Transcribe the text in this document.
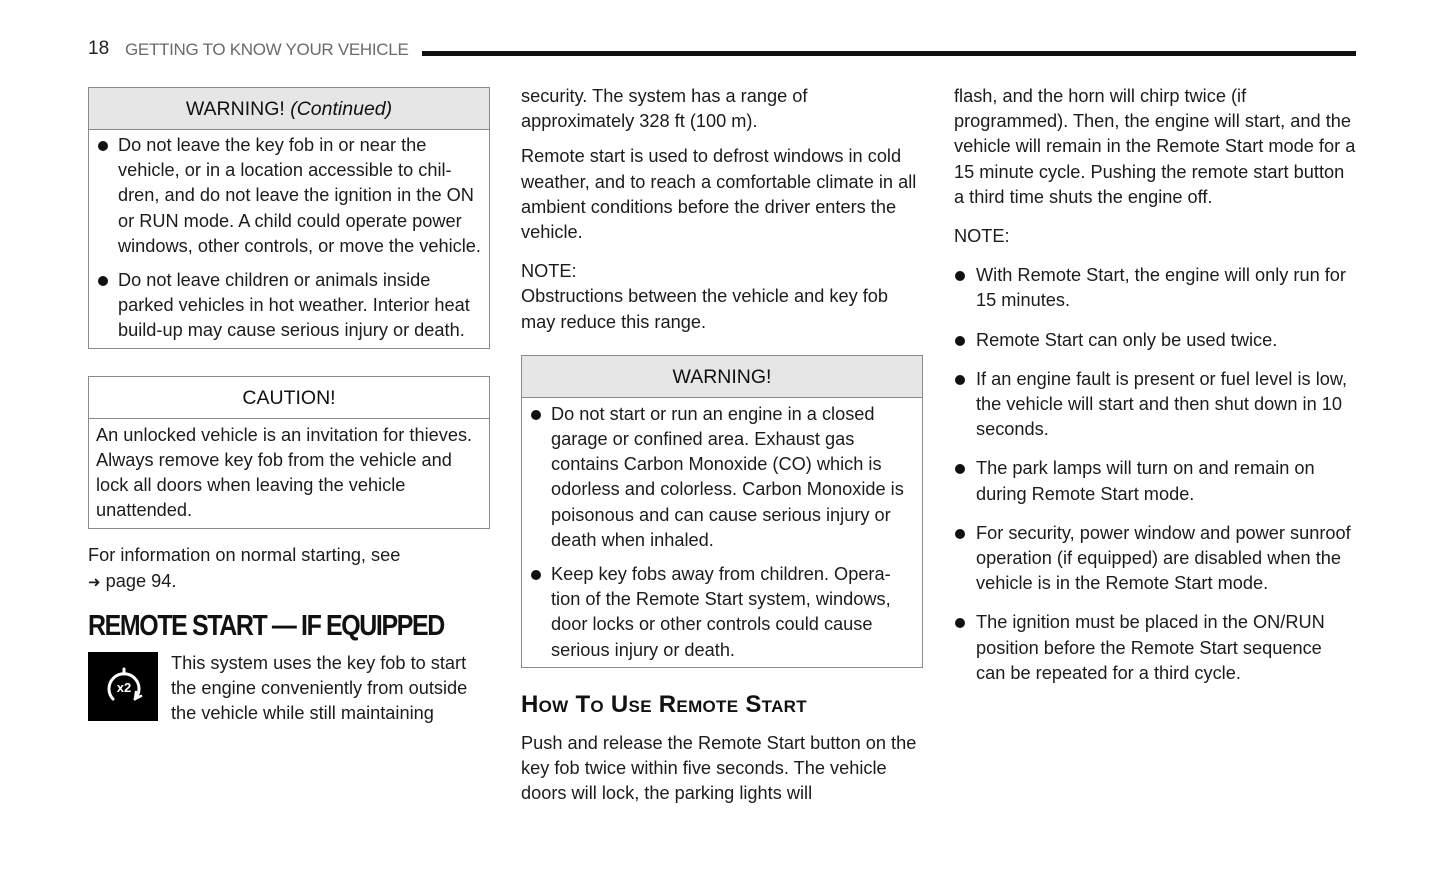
18 GETTING TO KNOW YOUR VEHICLE
WARNING! (Continued)
Do not leave the key fob in or near the vehicle, or in a location accessible to chil-dren, and do not leave the ignition in the ON or RUN mode. A child could operate power windows, other controls, or move the vehicle.
Do not leave children or animals inside parked vehicles in hot weather. Interior heat build-up may cause serious injury or death.
CAUTION!

An unlocked vehicle is an invitation for thieves. Always remove key fob from the vehicle and lock all doors when leaving the vehicle unattended.

For information on normal starting, see
➜ page 94.

REMOTE START — IF EQUIPPED
x2

This system uses the key fob to start the engine conveniently from outside the vehicle while still maintaining

security. The system has a range of approximately 328 ft (100 m).

Remote start is used to defrost windows in cold weather, and to reach a comfortable climate in all ambient conditions before the driver enters the vehicle.

NOTE:
Obstructions between the vehicle and key fob may reduce this range.

WARNING!
Do not start or run an engine in a closed garage or confined area. Exhaust gas contains Carbon Monoxide (CO) which is odorless and colorless. Carbon Monoxide is poisonous and can cause serious injury or death when inhaled.
Keep key fobs away from children. Opera-tion of the Remote Start system, windows, door locks or other controls could cause serious injury or death.
How To Use Remote Start

Push and release the Remote Start button on the key fob twice within five seconds. The vehicle doors will lock, the parking lights will

flash, and the horn will chirp twice (if programmed). Then, the engine will start, and the vehicle will remain in the Remote Start mode for a 15 minute cycle. Pushing the remote start button a third time shuts the engine off.

NOTE:

With Remote Start, the engine will only run for 15 minutes.
Remote Start can only be used twice.
If an engine fault is present or fuel level is low, the vehicle will start and then shut down in 10 seconds.
The park lamps will turn on and remain on during Remote Start mode.
For security, power window and power sunroof operation (if equipped) are disabled when the vehicle is in the Remote Start mode.
The ignition must be placed in the ON/RUN position before the Remote Start sequence can be repeated for a third cycle.
